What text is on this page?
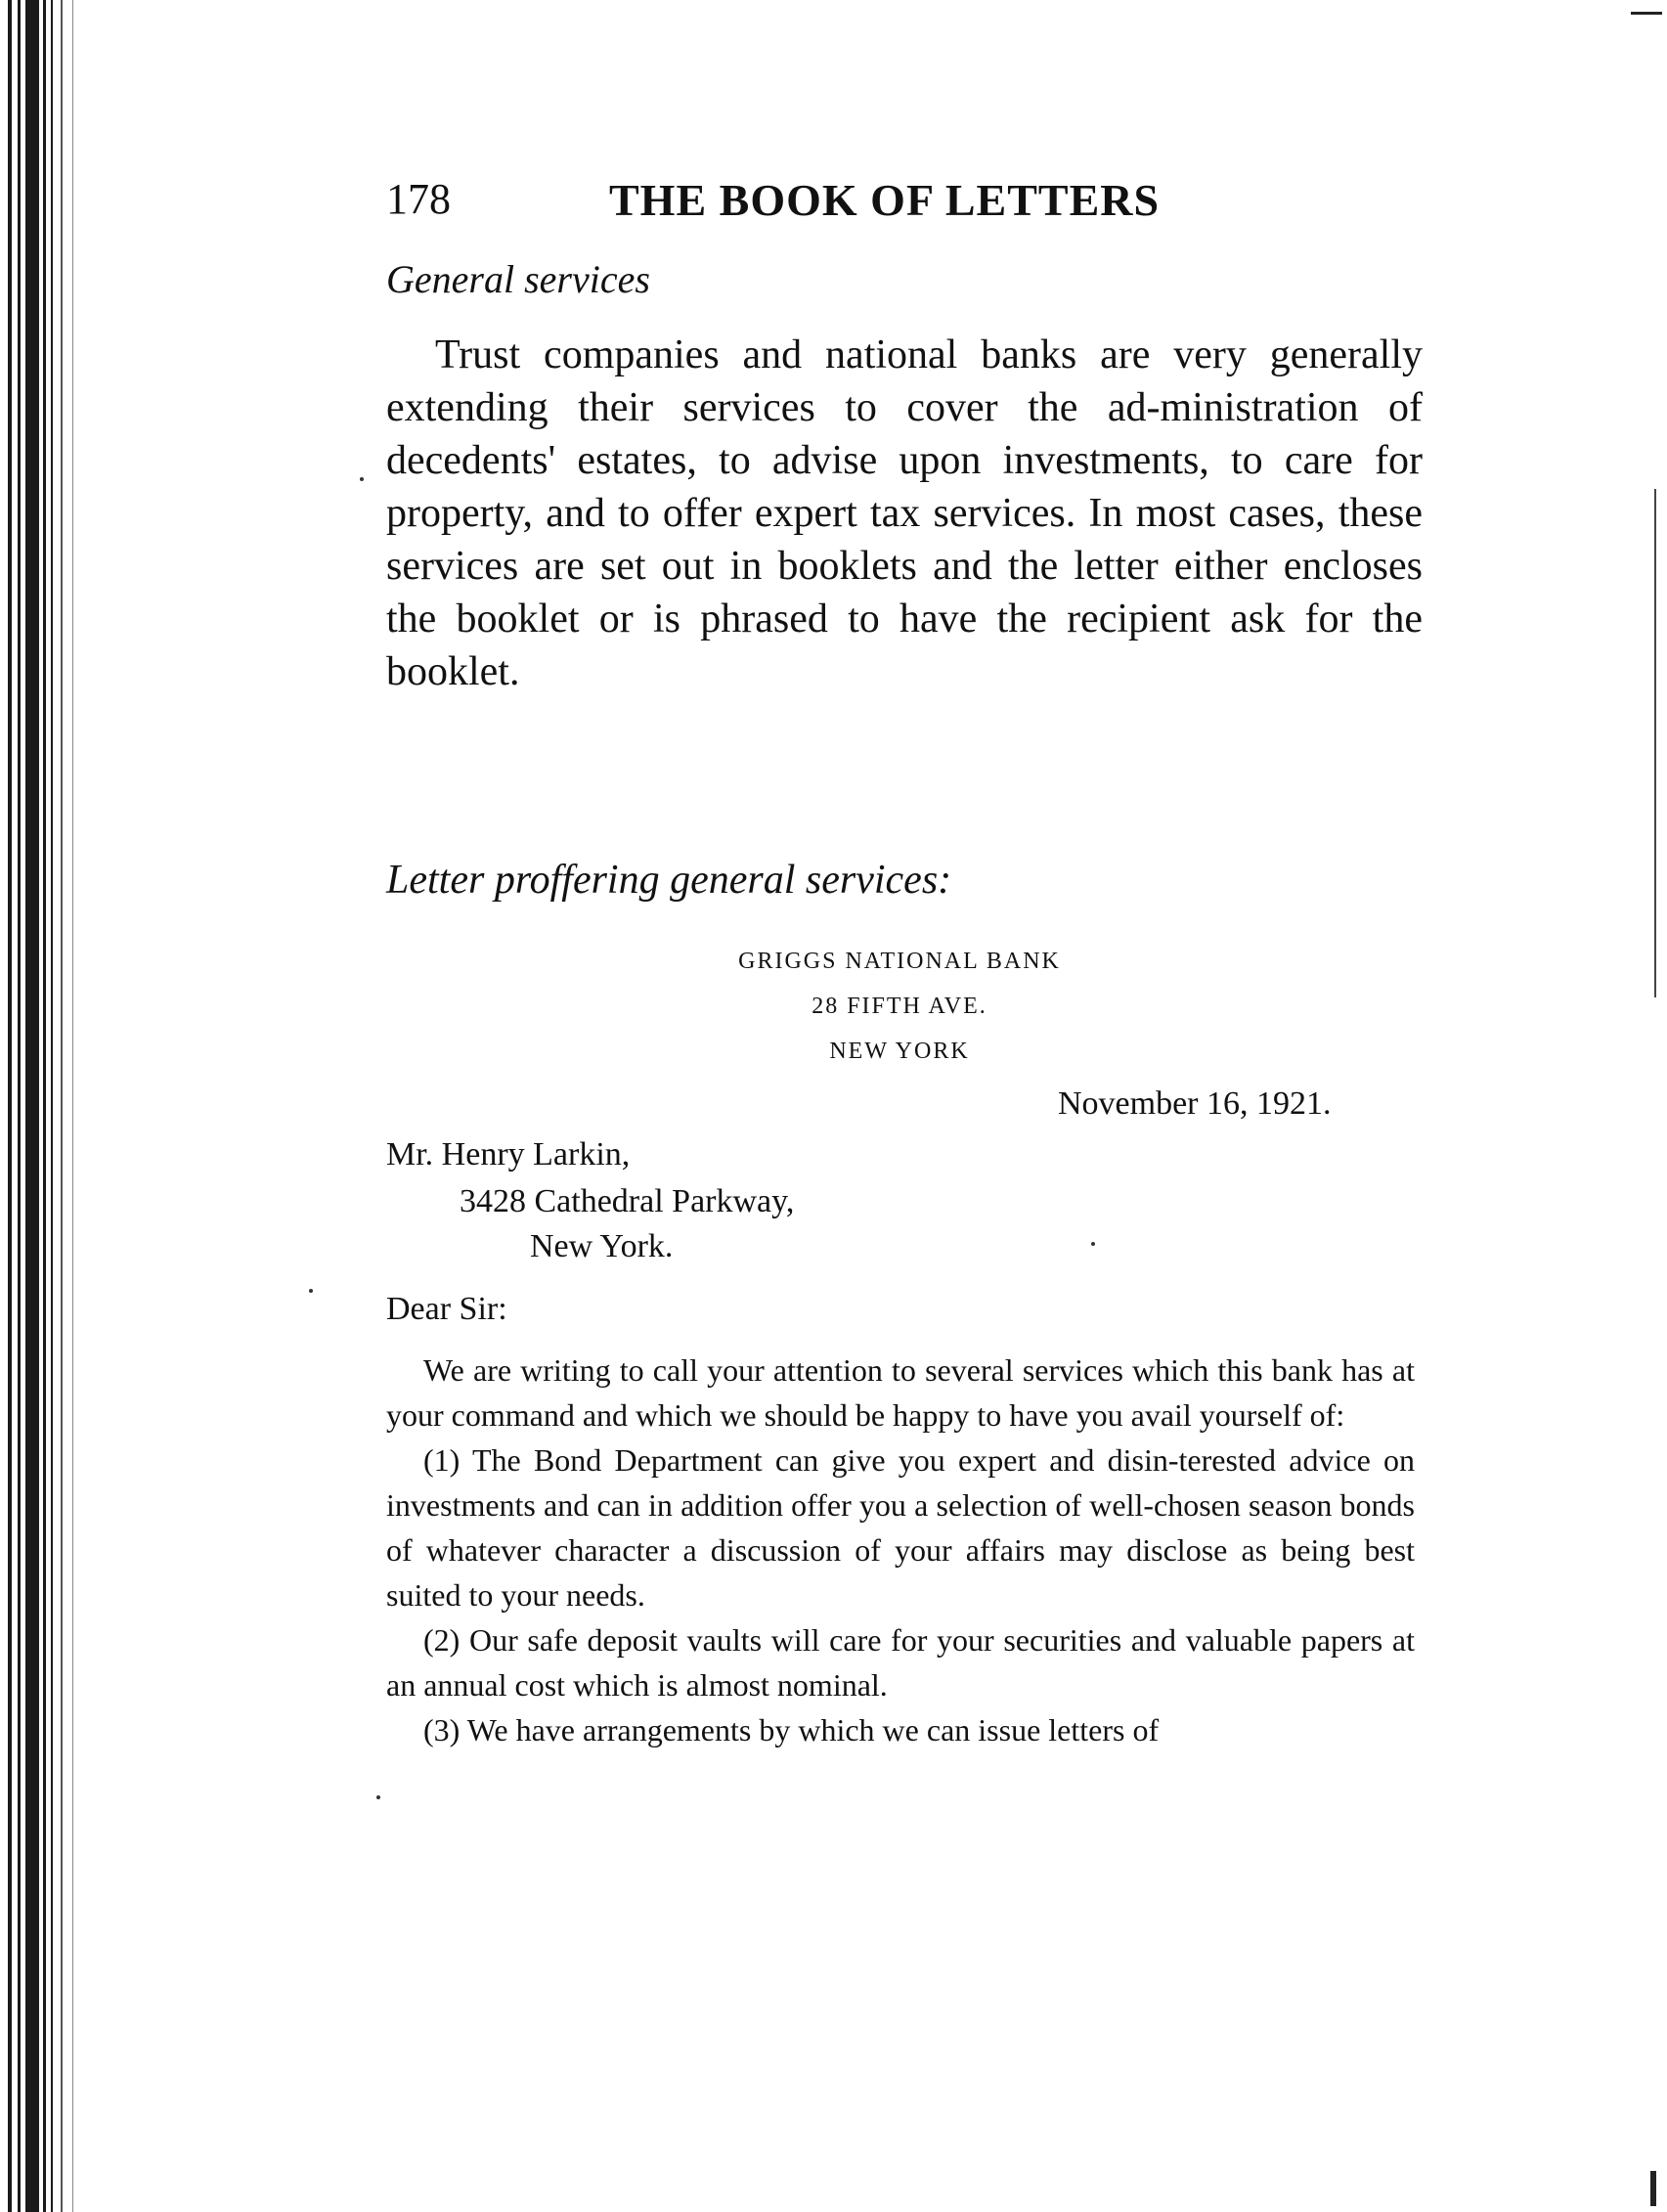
178	THE BOOK OF LETTERS
General services

Trust companies and national banks are very generally extending their services to cover the ad-ministration of decedents' estates, to advise upon investments, to care for property, and to offer expert tax services. In most cases, these services are set out in booklets and the letter either encloses the booklet or is phrased to have the recipient ask for the booklet.

Letter proffering general services:
GRIGGS NATIONAL BANK
28 FIFTH AVE.
NEW YORK
November 16, 1921.
Mr. Henry Larkin,
3428 Cathedral Parkway,
New York.
Dear Sir:

We are writing to call your attention to several services which this bank has at your command and which we should be happy to have you avail yourself of:

(1) The Bond Department can give you expert and disin-terested advice on investments and can in addition offer you a selection of well-chosen season bonds of whatever character a discussion of your affairs may disclose as being best suited to your needs.

(2) Our safe deposit vaults will care for your securities and valuable papers at an annual cost which is almost nominal.

(3) We have arrangements by which we can issue letters of
